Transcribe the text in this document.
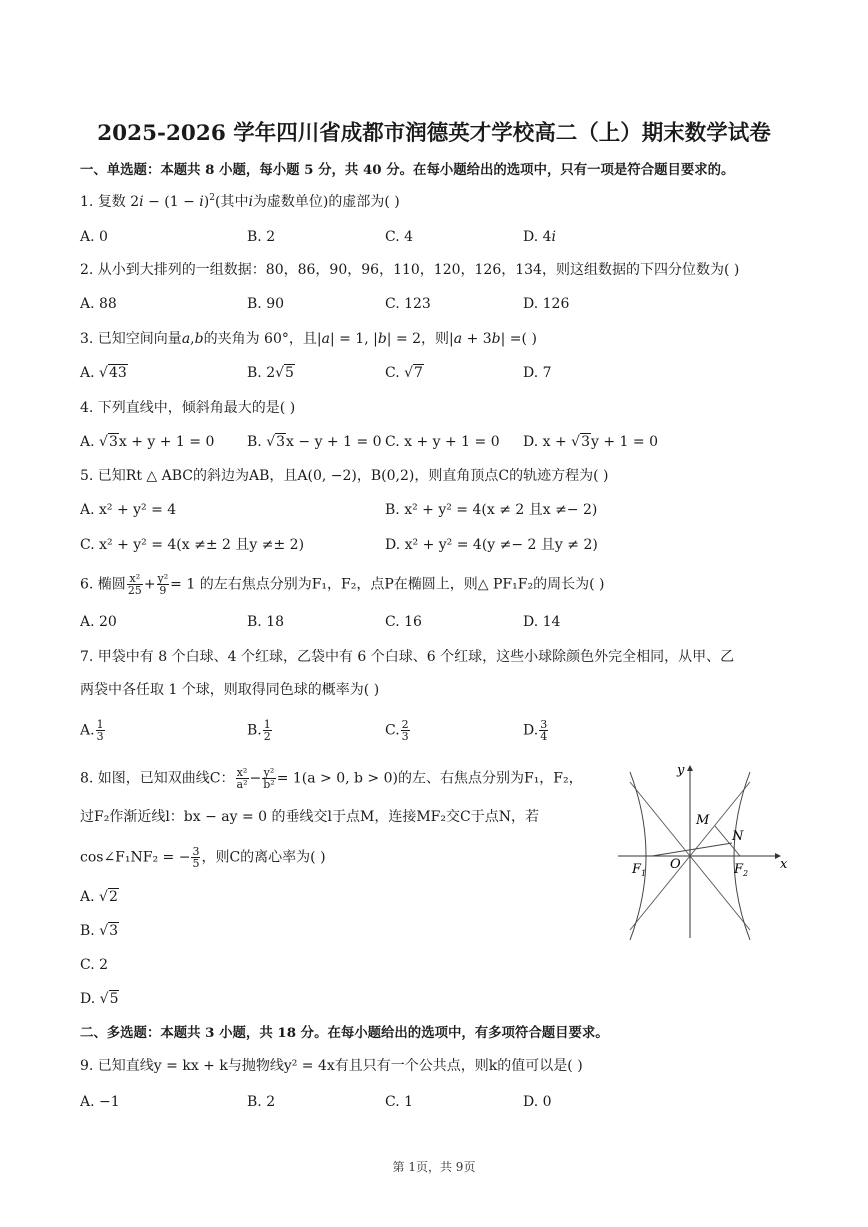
2025-2026 学年四川省成都市润德英才学校高二（上）期末数学试卷
一、单选题：本题共 8 小题，每小题 5 分，共 40 分。在每小题给出的选项中，只有一项是符合题目要求的。
1. 复数 $2i - (1 - i)^2$(其中i为虚数单位)的虚部为( )
A. 0	B. 2	C. 4	D. 4i
2. 从小到大排列的一组数据：80，86，90，96，110，120，126，134，则这组数据的下四分位数为( )
A. 88	B. 90	C. 123	D. 126
3. 已知空间向量a,b的夹角为 60°，且|a| = 1, |b| = 2，则|a + 3b| =( )
A. √43	B. 2√5	C. √7	D. 7
4. 下列直线中，倾斜角最大的是( )
A. √3x + y + 1 = 0 B. √3x − y + 1 = 0 C. x + y + 1 = 0 D. x + √3y + 1 = 0
5. 已知Rt △ ABC的斜边为AB，且A(0, −2)，B(0,2)，则直角顶点C的轨迹方程为( )
A. x² + y² = 4	B. x² + y² = 4(x ≠ 2 且x ≠− 2)
C. x² + y² = 4(x ≠± 2 且y ≠± 2)	D. x² + y² = 4(y ≠− 2 且y ≠ 2)
6. 椭圆 $\frac{\text{x²}}{25} + \frac{\text{y²}}{9} = 1$ 的左右焦点分别为F₁，F₂，点P在椭圆上，则△ PF₁F₂的周长为( )
A. 20	B. 18	C. 16	D. 14
7. 甲袋中有 8 个白球、4 个红球，乙袋中有 6 个白球、6 个红球，这些小球除颜色外完全相同，从甲、乙
两袋中各任取 1 个球，则取得同色球的概率为( )
A. $\frac{1}{3}$	B. $\frac{1}{2}$	C. $\frac{2}{3}$	D. $\frac{3}{4}$
8. 如图，已知双曲线C： $\frac{\text{x²}}{\text{a²}} - \frac{\text{y²}}{\text{b²}} = 1(a > 0$, b > 0)的左、右焦点分别为F₁，F₂，
过F₂作渐近线l：bx − ay = 0 的垂线交l于点M，连接MF₂交C于点N，若
cos∠F₁NF₂ = − $\frac{3}{5}$ ，则C的离心率为( )
A. √2
B. √3
C. 2
D. √5
y
x
M
N
O
$F_1$	$F_2$
二、多选题：本题共 3 小题，共 18 分。在每小题给出的选项中，有多项符合题目要求。
9. 已知直线y = kx + k与抛物线y² = 4x有且只有一个公共点，则k的值可以是( )
A. −1	B. 2	C. 1	D. 0
第 1页，共 9页
